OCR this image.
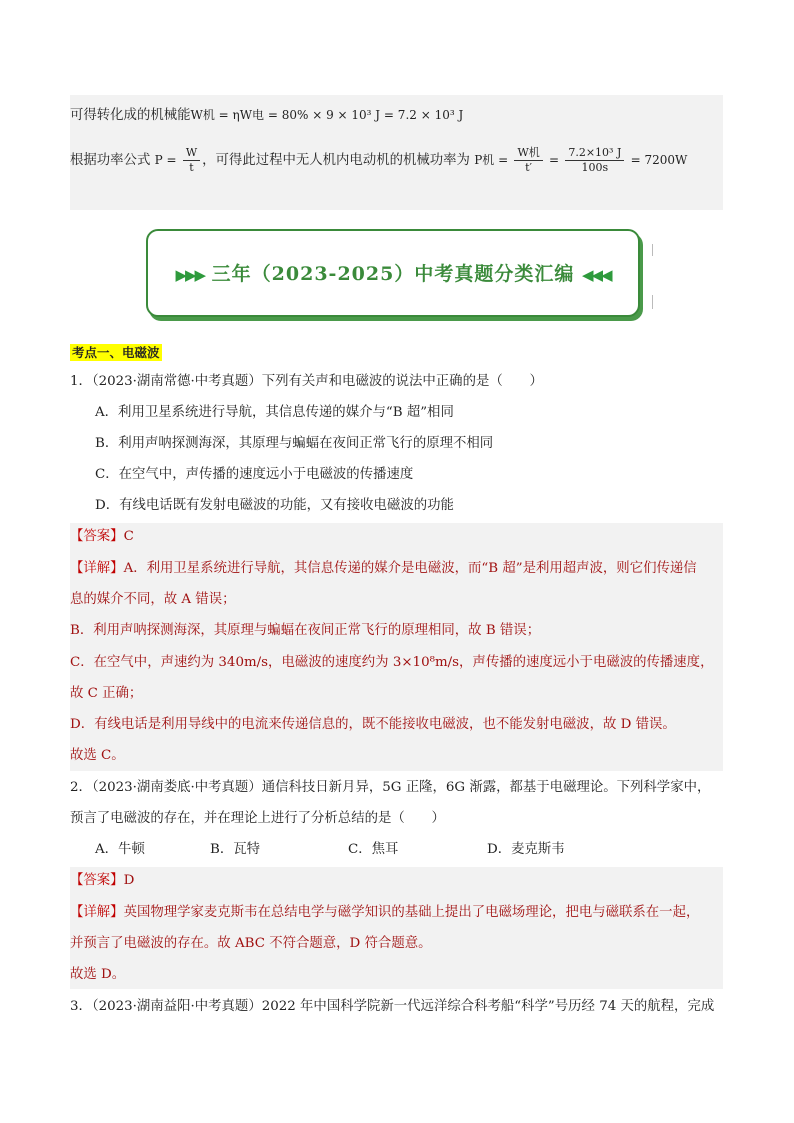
可得转化成的机械能W机 = ηW电 = 80% × 9 × 10³ J = 7.2 × 10³ J
根据功率公式 $P = \frac{W}{t}$ ，可得此过程中无人机内电动机的机械功率为 P机 = $\frac{\text{W机}}{t'} = \frac{\text{7.2×10³ J}}{100s} = 7200W$
▶▶▶ 三年（2023-2025）中考真题分类汇编 ◀◀◀
考点一、电磁波
1．（2023·湖南常德·中考真题）下列有关声和电磁波的说法中正确的是（　　）
A．利用卫星系统进行导航，其信息传递的媒介与“B 超”相同
B．利用声呐探测海深，其原理与蝙蝠在夜间正常飞行的原理不相同
C．在空气中，声传播的速度远小于电磁波的传播速度
D．有线电话既有发射电磁波的功能，又有接收电磁波的功能
【答案】C
【详解】A．利用卫星系统进行导航，其信息传递的媒介是电磁波，而“B 超”是利用超声波，则它们传递信
息的媒介不同，故 A 错误；
B．利用声呐探测海深，其原理与蝙蝠在夜间正常飞行的原理相同，故 B 错误；
C．在空气中，声速约为 340m/s，电磁波的速度约为 3×10⁸m/s，声传播的速度远小于电磁波的传播速度，
故 C 正确；
D．有线电话是利用导线中的电流来传递信息的，既不能接收电磁波，也不能发射电磁波，故 D 错误。
故选 C。
2．（2023·湖南娄底·中考真题）通信科技日新月异，5G 正隆，6G 渐露，都基于电磁理论。下列科学家中，
预言了电磁波的存在，并在理论上进行了分析总结的是（　　）
A．牛顿	B．瓦特	C．焦耳	D．麦克斯韦
【答案】D
【详解】英国物理学家麦克斯韦在总结电学与磁学知识的基础上提出了电磁场理论，把电与磁联系在一起，
并预言了电磁波的存在。故 ABC 不符合题意，D 符合题意。
故选 D。
3．（2023·湖南益阳·中考真题）2022 年中国科学院新一代远洋综合科考船“科学”号历经 74 天的航程，完成
